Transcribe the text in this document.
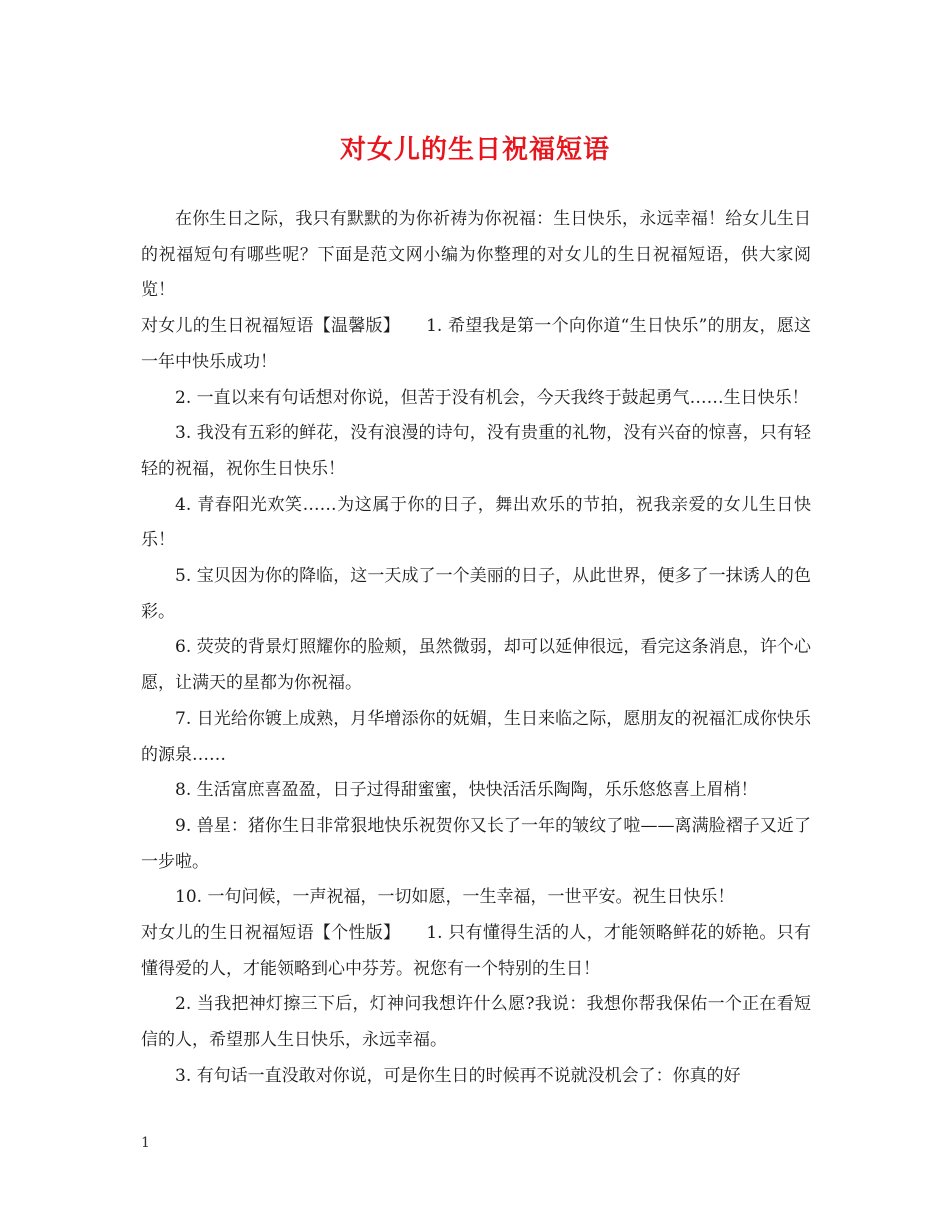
对女儿的生日祝福短语

在你生日之际，我只有默默的为你祈祷为你祝福：生日快乐，永远幸福！给女儿生日的祝福短句有哪些呢？下面是范文网小编为你整理的对女儿的生日祝福短语，供大家阅览！

对女儿的生日祝福短语【温馨版】　　1. 希望我是第一个向你道“生日快乐”的朋友，愿这一年中快乐成功！

2. 一直以来有句话想对你说，但苦于没有机会，今天我终于鼓起勇气……生日快乐！

3. 我没有五彩的鲜花，没有浪漫的诗句，没有贵重的礼物，没有兴奋的惊喜，只有轻轻的祝福，祝你生日快乐！

4. 青春阳光欢笑……为这属于你的日子，舞出欢乐的节拍，祝我亲爱的女儿生日快乐！

5. 宝贝因为你的降临，这一天成了一个美丽的日子，从此世界，便多了一抹诱人的色彩。

6. 荧荧的背景灯照耀你的脸颊，虽然微弱，却可以延伸很远，看完这条消息，许个心愿，让满天的星都为你祝福。

7. 日光给你镀上成熟，月华增添你的妩媚，生日来临之际，愿朋友的祝福汇成你快乐的源泉……

8. 生活富庶喜盈盈，日子过得甜蜜蜜，快快活活乐陶陶，乐乐悠悠喜上眉梢！

9. 兽星：猪你生日非常狠地快乐祝贺你又长了一年的皱纹了啦——离满脸褶子又近了一步啦。

10. 一句问候，一声祝福，一切如愿，一生幸福，一世平安。祝生日快乐！

对女儿的生日祝福短语【个性版】　　1. 只有懂得生活的人，才能领略鲜花的娇艳。只有懂得爱的人，才能领略到心中芬芳。祝您有一个特别的生日！

2. 当我把神灯擦三下后，灯神问我想许什么愿?我说：我想你帮我保佑一个正在看短信的人，希望那人生日快乐，永远幸福。

3. 有句话一直没敢对你说，可是你生日的时候再不说就没机会了：你真的好

1
